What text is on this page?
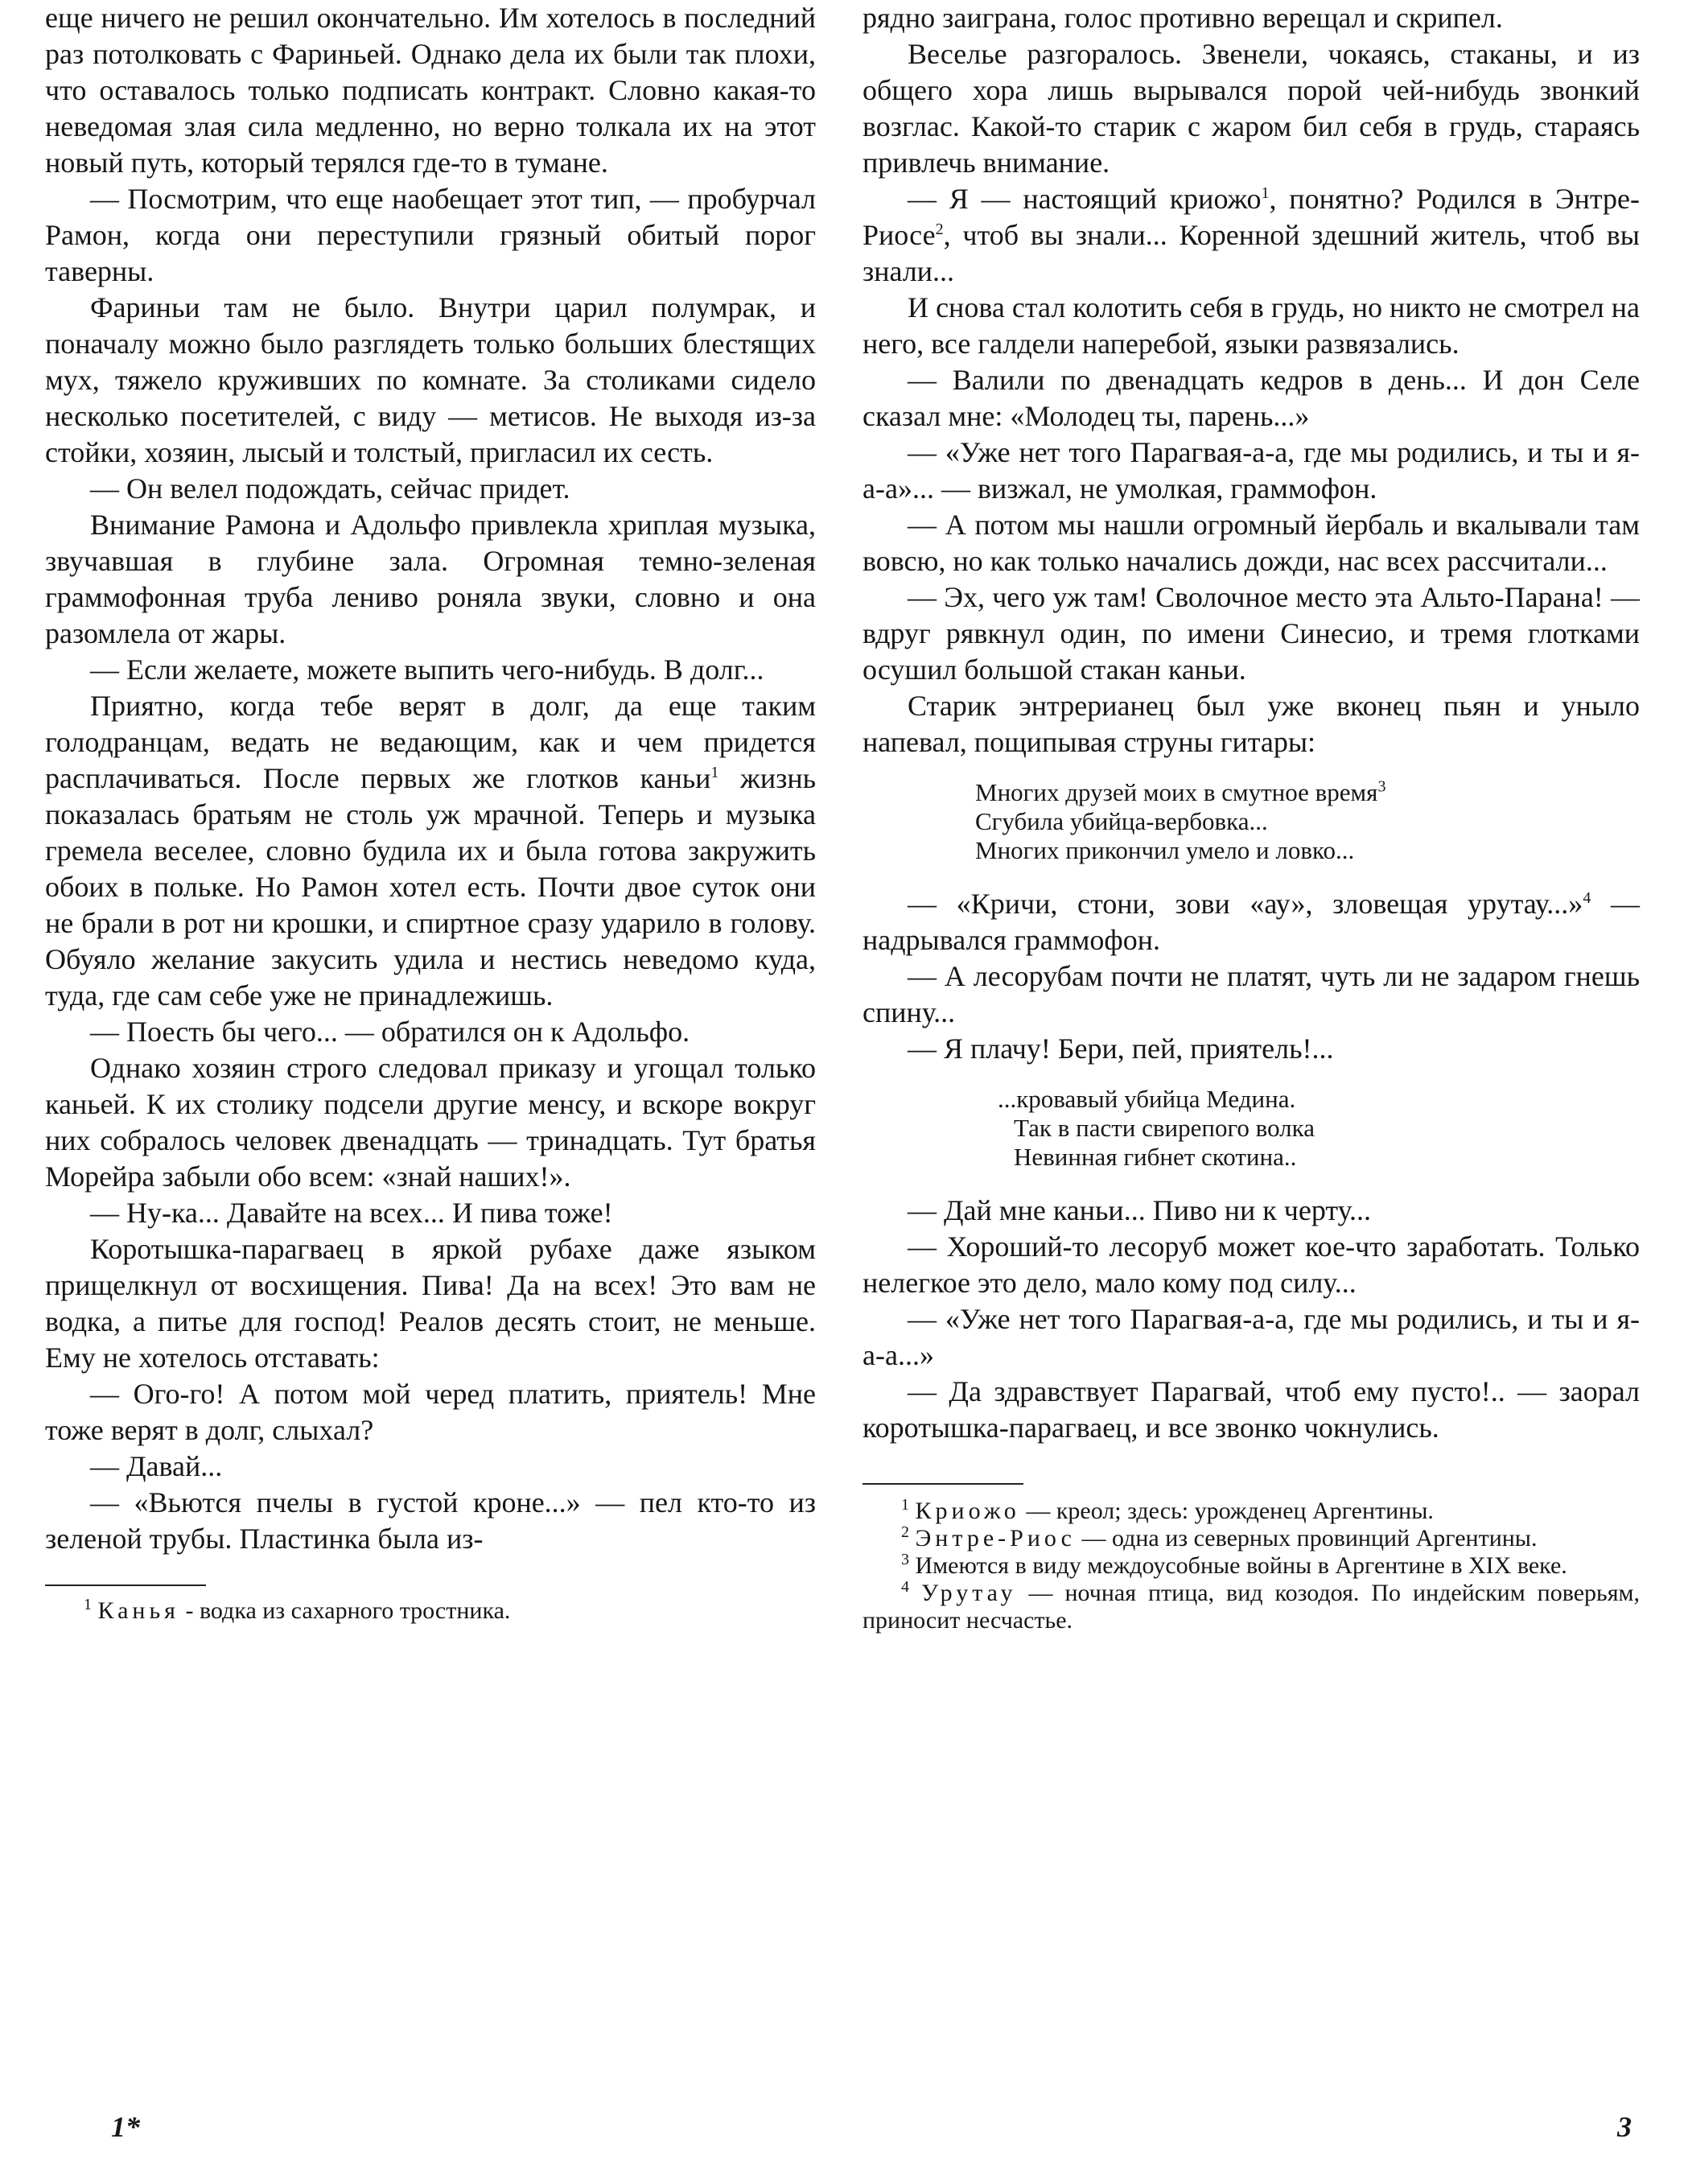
еще ничего не решил окончательно. Им хотелось в последний раз потолковать с Фариньей. Однако дела их были так плохи, что оставалось только подписать контракт. Словно какая-то неведомая злая сила медленно, но верно толкала их на этот новый путь, который терялся где-то в тумане.

— Посмотрим, что еще наобещает этот тип, — пробурчал Рамон, когда они переступили грязный обитый порог таверны.

Фариньи там не было. Внутри царил полумрак, и поначалу можно было разглядеть только больших блестящих мух, тяжело круживших по комнате. За столиками сидело несколько посетителей, с виду — метисов. Не выходя из-за стойки, хозяин, лысый и толстый, пригласил их сесть.

— Он велел подождать, сейчас придет.

Внимание Рамона и Адольфо привлекла хриплая музыка, звучавшая в глубине зала. Огромная темно-зеленая граммофонная труба лениво роняла звуки, словно и она разомлела от жары.

— Если желаете, можете выпить чего-нибудь. В долг...

Приятно, когда тебе верят в долг, да еще таким голодранцам, ведать не ведающим, как и чем придется расплачиваться. После первых же глотков каньи$^1$ жизнь показалась братьям не столь уж мрачной. Теперь и музыка гремела веселее, словно будила их и была готова закружить обоих в польке. Но Рамон хотел есть. Почти двое суток они не брали в рот ни крошки, и спиртное сразу ударило в голову. Обуяло желание закусить удила и нестись неведомо куда, туда, где сам себе уже не принадлежишь.

— Поесть бы чего... — обратился он к Адольфо.

Однако хозяин строго следовал приказу и угощал только каньей. К их столику подсели другие менсу, и вскоре вокруг них собралось человек двенадцать — тринадцать. Тут братья Морейра забыли обо всем: «знай наших!».

— Ну-ка... Давайте на всех... И пива тоже!

Коротышка-парагваец в яркой рубахе даже языком прищелкнул от восхищения. Пива! Да на всех! Это вам не водка, а питье для господ! Реалов десять стоит, не меньше. Ему не хотелось отставать:

— Ого-го! А потом мой черед платить, приятель! Мне тоже верят в долг, слыхал?

— Давай...

— «Вьются пчелы в густой кроне...» — пел кто-то из зеленой трубы. Пластинка была из-

$^1$ Канья - водка из сахарного тростника.

рядно заиграна, голос противно верещал и скрипел.

Веселье разгоралось. Звенели, чокаясь, стаканы, и из общего хора лишь вырывался порой чей-нибудь звонкий возглас. Какой-то старик с жаром бил себя в грудь, стараясь привлечь внимание.

— Я — настоящий криожо$^1$, понятно? Родился в Энтре-Риосе$^2$, чтоб вы знали... Коренной здешний житель, чтоб вы знали...

И снова стал колотить себя в грудь, но никто не смотрел на него, все галдели наперебой, языки развязались.

— Валили по двенадцать кедров в день... И дон Селе сказал мне: «Молодец ты, парень...»

— «Уже нет того Парагвая-а-а, где мы родились, и ты и я-а-а»... — визжал, не умолкая, граммофон.

— А потом мы нашли огромный йербаль и вкалывали там вовсю, но как только начались дожди, нас всех рассчитали...

— Эх, чего уж там! Сволочное место эта Альто-Парана! — вдруг рявкнул один, по имени Синесио, и тремя глотками осушил большой стакан каньи.

Старик энтрерианец был уже вконец пьян и уныло напевал, пощипывая струны гитары:

Многих друзей моих в смутное время$^3$
Сгубила убийца-вербовка...
Многих прикончил умело и ловко...

— «Кричи, стони, зови «ау», зловещая урутау...»$^4$ — надрывался граммофон.

— А лесорубам почти не платят, чуть ли не задаром гнешь спину...

— Я плачу! Бери, пей, приятель!...

...кровавый убийца Медина.
Так в пасти свирепого волка
Невинная гибнет скотина..

— Дай мне каньи... Пиво ни к черту...

— Хороший-то лесоруб может кое-что заработать. Только нелегкое это дело, мало кому под силу...

— «Уже нет того Парагвая-а-а, где мы родились, и ты и я-а-а...»

— Да здравствует Парагвай, чтоб ему пусто!.. — заорал коротышка-парагваец, и все звонко чокнулись.

$^1$ Криожо — креол; здесь: урожденец Аргентины.

$^2$ Энтре-Риос — одна из северных провинций Аргентины.

$^3$ Имеются в виду междоусобные войны в Аргентине в XIX веке.

$^4$ Урутау — ночная птица, вид козодоя. По индейским поверьям, приносит несчастье.

1*	3
